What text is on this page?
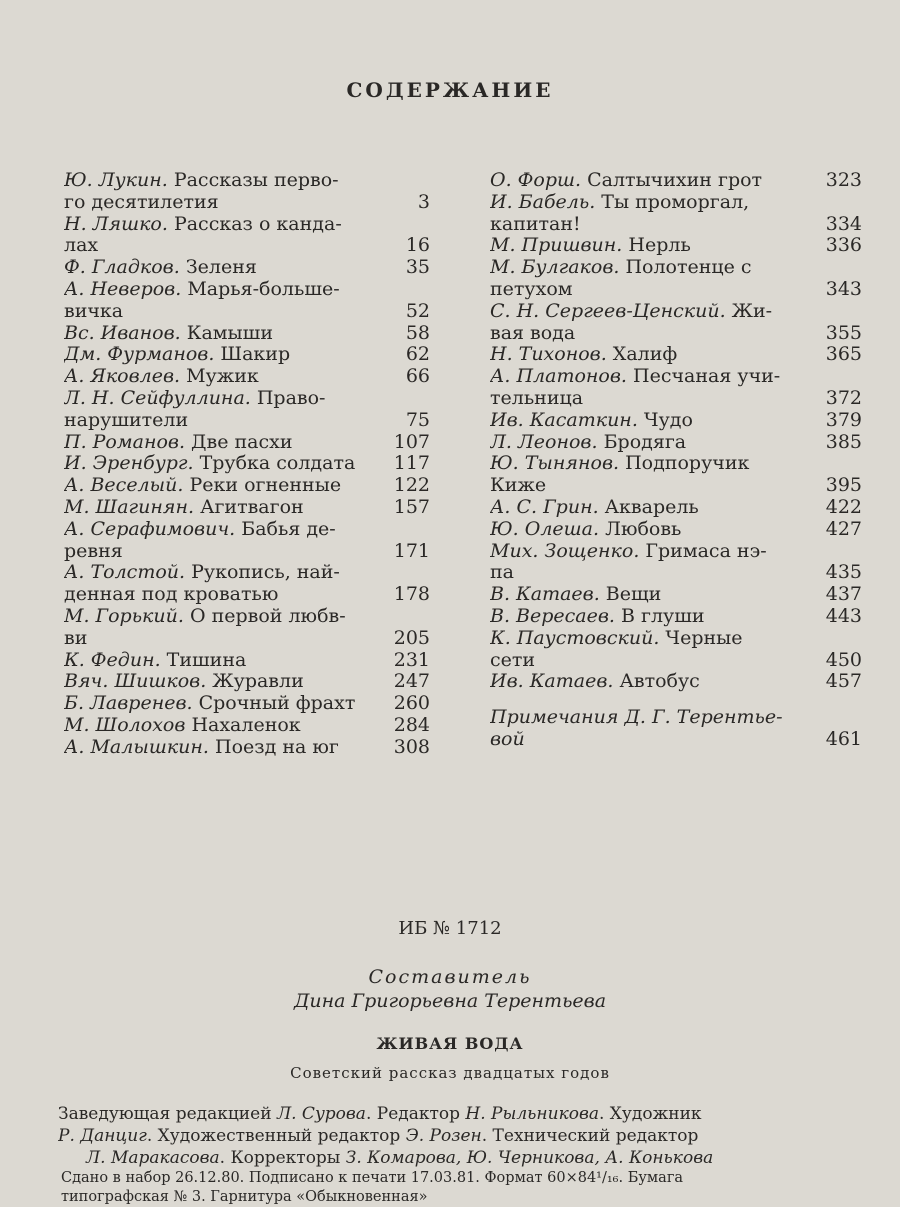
СОДЕРЖАНИЕ
Ю. Лукин. Рассказы перво-
го десятилетия	3
Н. Ляшко. Рассказ о канда-
лах	16
Ф. Гладков. Зеленя	35
А. Неверов. Марья-больше-
вичка	52
Вс. Иванов. Камыши	58
Дм. Фурманов. Шакир	62
А. Яковлев. Мужик	66
Л. Н. Сейфуллина. Право-
нарушители	75
П. Романов. Две пасхи	107
И. Эренбург. Трубка солдата	117
А. Веселый. Реки огненные	122
М. Шагинян. Агитвагон	157
А. Серафимович. Бабья де-
ревня	171
А. Толстой. Рукопись, най-
денная под кроватью	178
М. Горький. О первой любв-
ви	205
К. Федин. Тишина	231
Вяч. Шишков. Журавли	247
Б. Лавренев. Срочный фрахт	260
М. Шолохов Нахаленок	284
А. Малышкин. Поезд на юг	308
О. Форш. Салтычихин грот	323
И. Бабель. Ты проморгал,
капитан!	334
М. Пришвин. Нерль	336
М. Булгаков. Полотенце с
петухом	343
С. Н. Сергеев-Ценский. Жи-
вая вода	355
Н. Тихонов. Халиф	365
А. Платонов. Песчаная учи-
тельница	372
Ив. Касаткин. Чудо	379
Л. Леонов. Бродяга	385
Ю. Тынянов. Подпоручик
Киже	395
А. С. Грин. Акварель	422
Ю. Олеша. Любовь	427
Мих. Зощенко. Гримаса нэ-
па	435
В. Катаев. Вещи	437
В. Вересаев. В глуши	443
К. Паустовский. Черные
сети	450
Ив. Катаев. Автобус	457
Примечания Д. Г. Терентье-
вой	461
ИБ № 1712
Составитель
Дина Григорьевна Терентьева
ЖИВАЯ ВОДА
Советский рассказ двадцатых годов
Заведующая редакцией Л. Сурова. Редактор Н. Рыльникова. Художник
Р. Данциг. Художественный редактор Э. Розен. Технический редактор
Л. Маракасова. Корректоры З. Комарова, Ю. Черникова, А. Конькова
Сдано в набор 26.12.80. Подписано к печати 17.03.81. Формат 60×84¹/₁₆. Бумага
типографская № 3. Гарнитура «Обыкновенная»
